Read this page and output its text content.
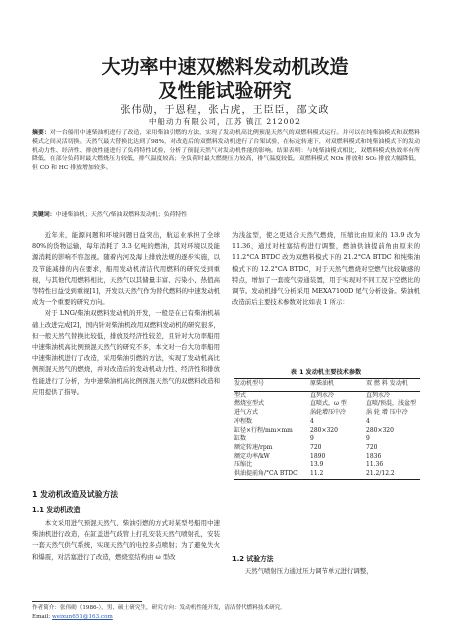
大功率中速双燃料发动机改造
及性能试验研究
张伟勋，于恩程，张占虎，王臣臣，邵文政
中船动力有限公司，江苏 镇江 212002
摘要：对一台船用中速柴油机进行了改造，采用柴油引燃的方法，实现了发动机高比例预混天然气的双燃料模式运行。并可以在纯柴油模式和双燃料模式之间灵活切换。天然气最大替换比达到了98%，对改造后的双燃料发动机进行了台架试验，在标定转速下，对双燃料模式和纯柴油模式下的发动机动力性、经济性、排放性能进行了负荷特性试验，分析了预混天然气对发动机性能的影响。结果表明：与纯柴油模式相比，双燃料模式热效率有所降低，在部分负荷时最大燃烧压力较低，排气温度较高；全负荷时最大燃烧压力较高，排气温度较低。双燃料模式 NOx 排放和 SO₂ 排放大幅降低，但 CO 和 HC 排放增加较多。
关键词：中速柴油机；天然气/柴油双燃料发动机；负荷特性

近年来，能源问题和环境问题日益突出，航运业承担了全球 80%的货物运输，每年消耗了 3.3 亿吨的燃油，其对环境以及能源消耗的影响不容忽视。随着内河及海上排放法规的逐步实施，以及节能减排的内在要求，船用发动机清洁代用燃料的研究受到重视，与其他代用燃料相比，天然气以其储量丰富、污染小、热值高等特性日益受到重视[1]，开发以天然气作为替代燃料的中速发动机成为一个重要的研究方向。

对于 LNG/柴油双燃料发动机的开发，一般是在已有柴油机基础上改进完成[2]，国内针对柴油机改用双燃料发动机的研究很多，但一般天然气替换比较低，排放及经济性较差，且针对大功率船用中速柴油机高比例预混天然气的研究不多，本文对一台大功率船用中速柴油机进行了改造，采用柴油引燃的方法，实现了发动机高比例预混天然气的燃烧，并对改造后的发动机动力性、经济性和排放性能进行了分析，为中速柴油机高比例预混天然气的双燃料改造和应用提供了指导。

1 发动机改造及试验方法
1.1 发动机改造

本文采用进气预混天然气、柴油引燃的方式对某型号船用中速柴油机进行改造，在缸盖进气歧管上打孔安装天然气喷射孔，安装一套天然气供气系统，实现天然气的电控多点喷射；为了避免失火和爆震，对活塞进行了改造，燃烧室结构由 ω 型改

为浅盆型，使之更适合天然气燃烧，压缩比由原来的 13.9 改为 11.36，通过对柱塞结构进行调整，燃油供油提前角由原来的 11.2°CA BTDC 改为双燃料模式下的 21.2°CA BTDC 和纯柴油模式下的 12.2°CA BTDC，对于天然气燃烧对空燃气比较敏感的特点，增加了一套废气旁通装置，用于实现对不同工况下空燃比的调节。发动机排气分析采用 MEXA7100D 尾气分析设备。柴油机改造前后主要技术参数对比如表 1 所示：

表 1 发动机主要技术参数
发动机型号	原柴油机	双 燃 料 发动机
型式	直列水冷	直列水冷
燃烧室型式	直喷式，ω 型	直喷/预混，浅盆型
进气方式	涡轮增压中冷	涡 轮 增 压中冷
冲程数	4	4
缸径×行程/mm×mm	280×320	280×320
缸数	9	9
额定转速/rpm	720	720
额定功率/kW	1890	1836
压缩比	13.9	11.36
供油提前角/°CA BTDC	11.2	21.2/12.2
1.2 试验方法

天然气喷射压力通过压力调节单元进行调整，

作者简介：张伟勋（1986-），男，硕士研究生，研究方向：发动机性能开发，清洁替代燃料技术研究。
Email: weixun651@163.com
